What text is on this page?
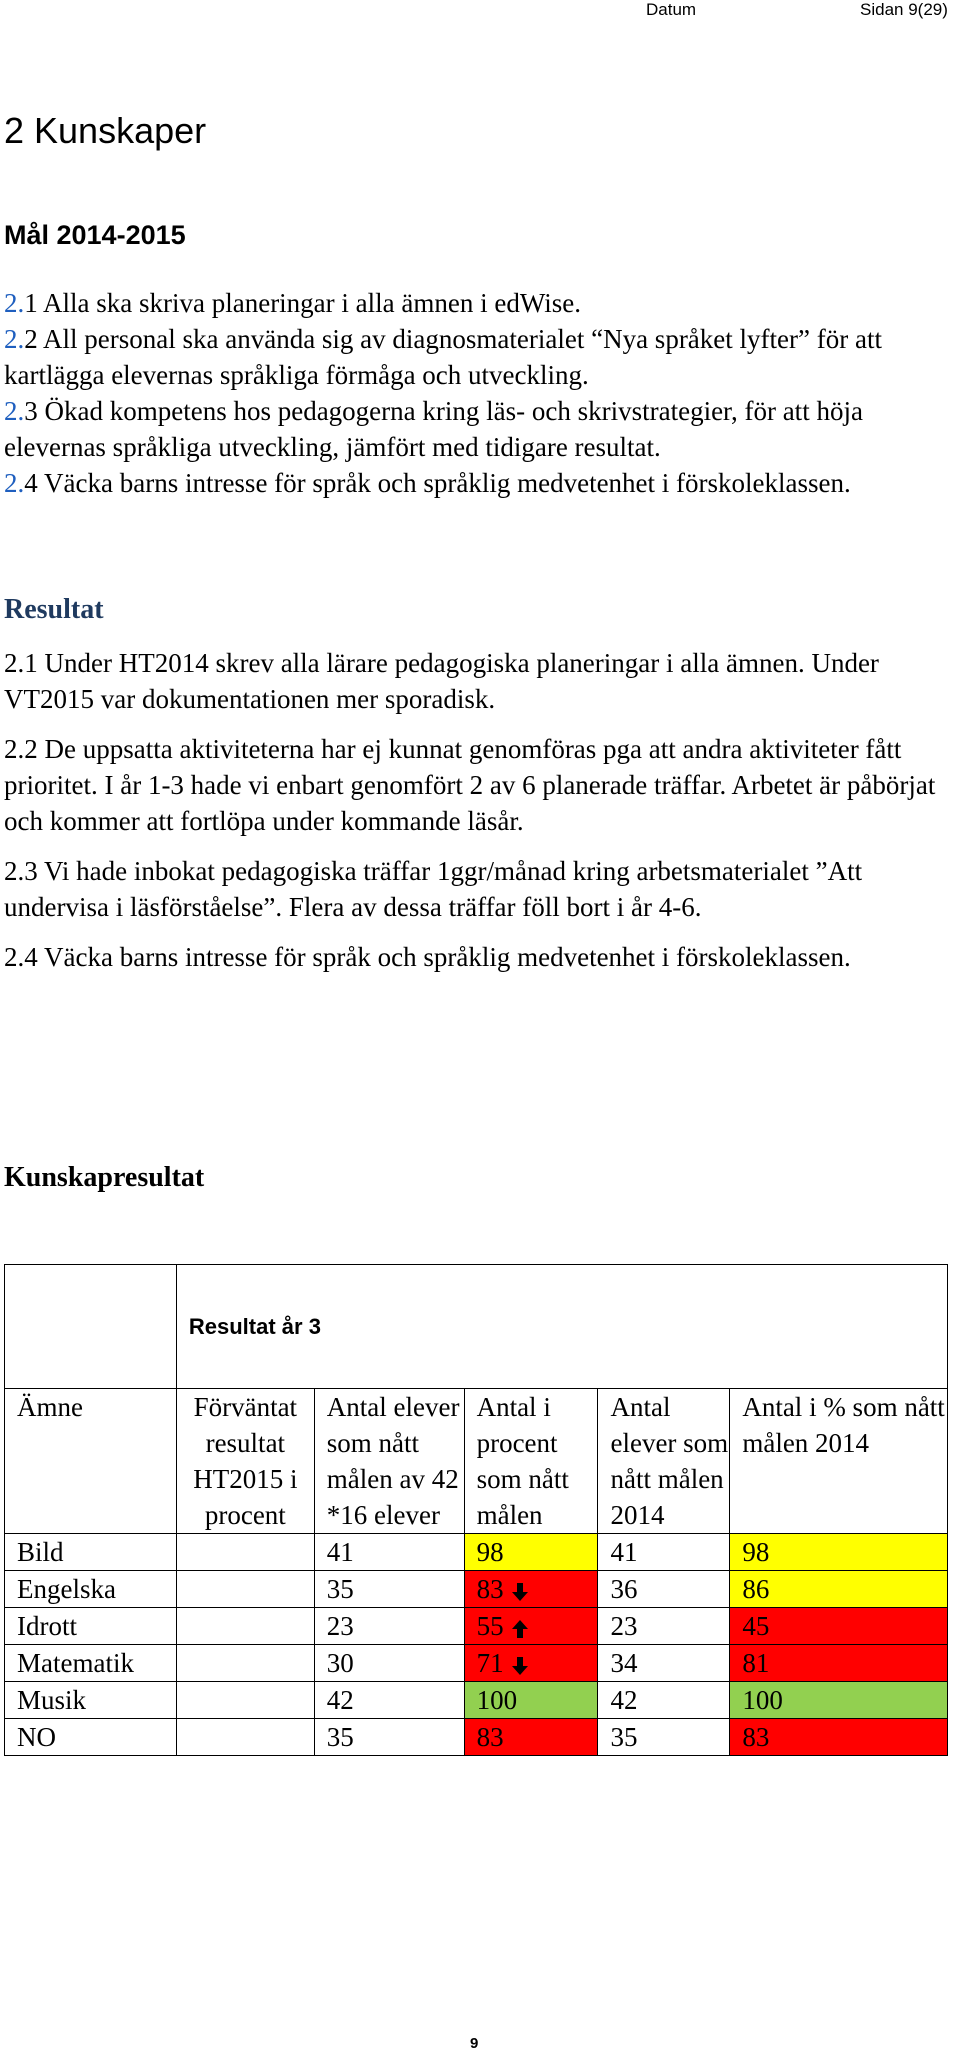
Datum	Sidan 9(29)
2 Kunskaper
Mål 2014-2015
2.1 Alla ska skriva planeringar i alla ämnen i edWise.
2.2 All personal ska använda sig av diagnosmaterialet “Nya språket lyfter” för att kartlägga elevernas språkliga förmåga och utveckling.
2.3 Ökad kompetens hos pedagogerna kring läs- och skrivstrategier, för att höja elevernas språkliga utveckling, jämfört med tidigare resultat.
2.4 Väcka barns intresse för språk och språklig medvetenhet i förskoleklassen.
Resultat
2.1 Under HT2014 skrev alla lärare pedagogiska planeringar i alla ämnen. Under VT2015 var dokumentationen mer sporadisk.
2.2 De uppsatta aktiviteterna har ej kunnat genomföras pga att andra aktiviteter fått prioritet. I år 1-3 hade vi enbart genomfört 2 av 6 planerade träffar. Arbetet är påbörjat och kommer att fortlöpa under kommande läsår.
2.3 Vi hade inbokat pedagogiska träffar 1ggr/månad kring arbetsmaterialet ”Att undervisa i läsförståelse”. Flera av dessa träffar föll bort i år 4-6.
2.4 Väcka barns intresse för språk och språklig medvetenhet i förskoleklassen.
Kunskapresultat
	Resultat år 3				
Ämne	Förväntat resultat HT2015 i procent	Antal elever som nått målen av 42 *16 elever	Antal i procent som nått målen	Antal elever som nått målen 2014	Antal i % som nått målen 2014
Bild		41	98	41	98
Engelska		35	83	36	86
Idrott		23	55	23	45
Matematik		30	71	34	81
Musik		42	100	42	100
NO		35	83	35	83
9
